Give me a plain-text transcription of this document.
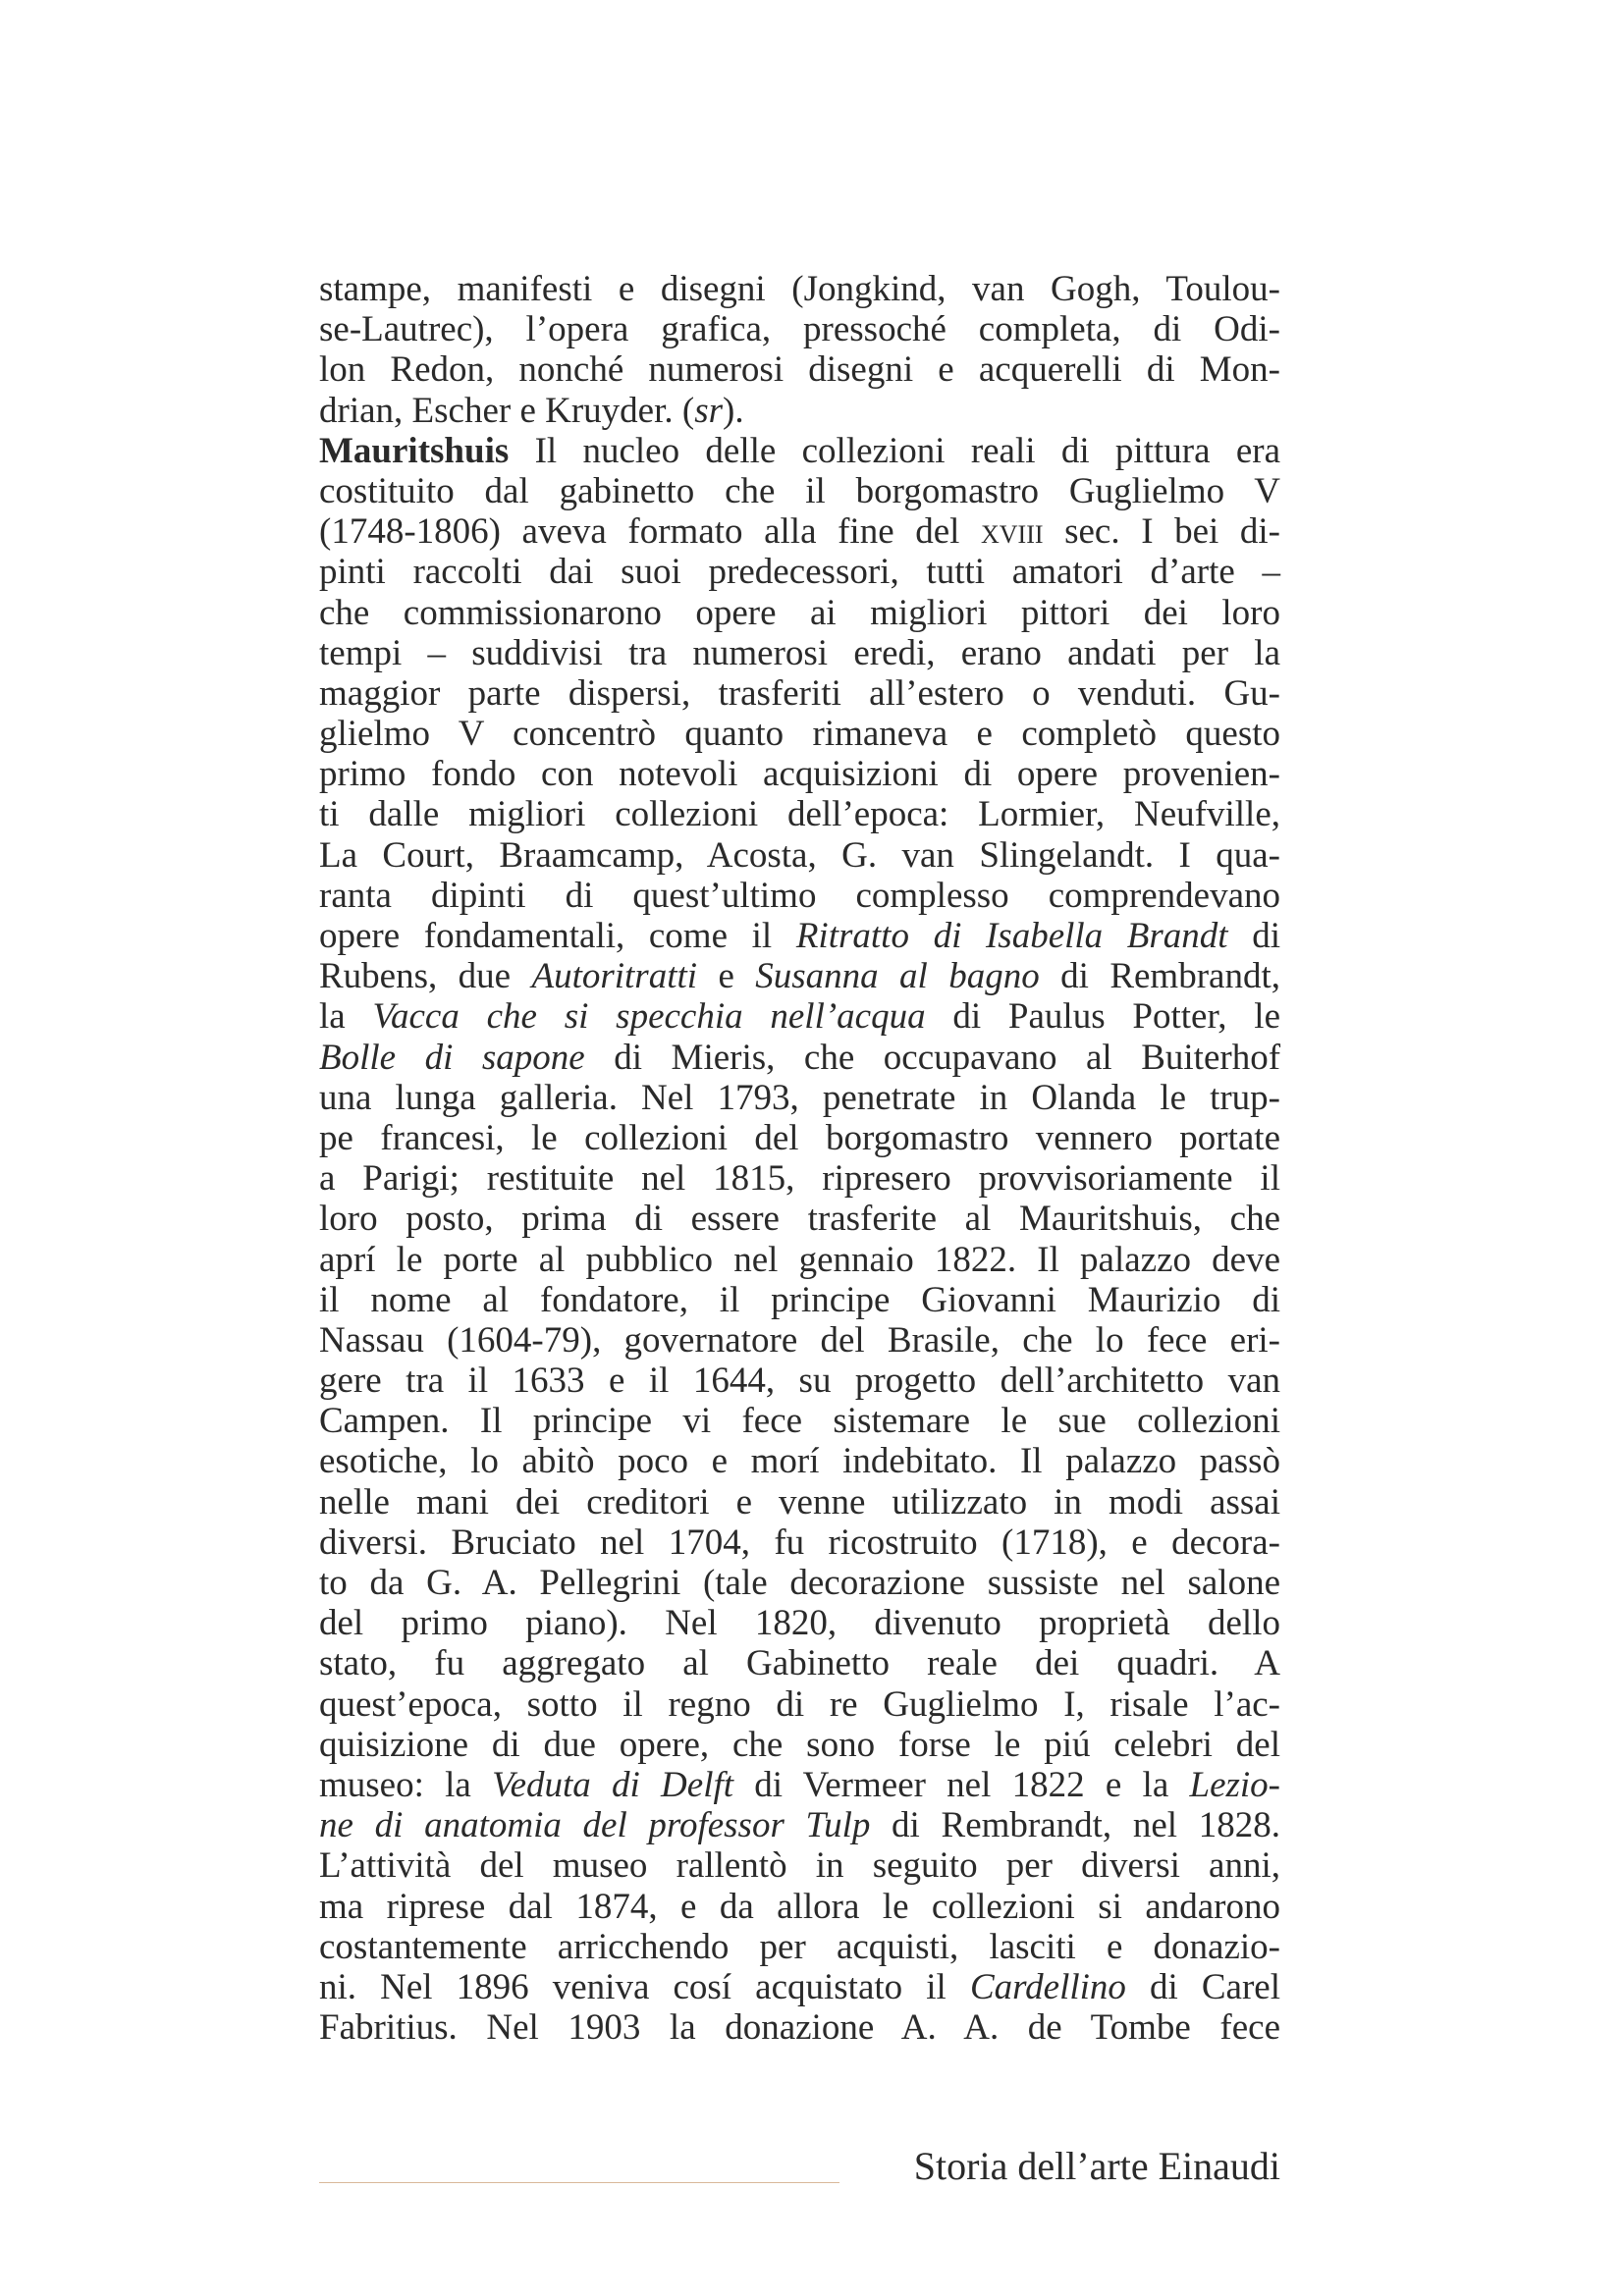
stampe, manifesti e disegni (Jongkind, van Gogh, Toulou-
se-Lautrec), l’opera grafica, pressoché completa, di Odi-
lon Redon, nonché numerosi disegni e acquerelli di Mon-
drian, Escher e Kruyder. (sr).
Mauritshuis Il nucleo delle collezioni reali di pittura era
costituito dal gabinetto che il borgomastro Guglielmo V
(1748-1806) aveva formato alla fine del xviii sec. I bei di-
pinti raccolti dai suoi predecessori, tutti amatori d’arte –
che commissionarono opere ai migliori pittori dei loro
tempi – suddivisi tra numerosi eredi, erano andati per la
maggior parte dispersi, trasferiti all’estero o venduti. Gu-
glielmo V concentrò quanto rimaneva e completò questo
primo fondo con notevoli acquisizioni di opere provenien-
ti dalle migliori collezioni dell’epoca: Lormier, Neufville,
La Court, Braamcamp, Acosta, G. van Slingelandt. I qua-
ranta dipinti di quest’ultimo complesso comprendevano
opere fondamentali, come il Ritratto di Isabella Brandt di
Rubens, due Autoritratti e Susanna al bagno di Rembrandt,
la Vacca che si specchia nell’acqua di Paulus Potter, le
Bolle di sapone di Mieris, che occupavano al Buiterhof
una lunga galleria. Nel 1793, penetrate in Olanda le trup-
pe francesi, le collezioni del borgomastro vennero portate
a Parigi; restituite nel 1815, ripresero provvisoriamente il
loro posto, prima di essere trasferite al Mauritshuis, che
aprí le porte al pubblico nel gennaio 1822. Il palazzo deve
il nome al fondatore, il principe Giovanni Maurizio di
Nassau (1604-79), governatore del Brasile, che lo fece eri-
gere tra il 1633 e il 1644, su progetto dell’architetto van
Campen. Il principe vi fece sistemare le sue collezioni
esotiche, lo abitò poco e morí indebitato. Il palazzo passò
nelle mani dei creditori e venne utilizzato in modi assai
diversi. Bruciato nel 1704, fu ricostruito (1718), e decora-
to da G. A. Pellegrini (tale decorazione sussiste nel salone
del primo piano). Nel 1820, divenuto proprietà dello
stato, fu aggregato al Gabinetto reale dei quadri. A
quest’epoca, sotto il regno di re Guglielmo I, risale l’ac-
quisizione di due opere, che sono forse le piú celebri del
museo: la Veduta di Delft di Vermeer nel 1822 e la Lezio-
ne di anatomia del professor Tulp di Rembrandt, nel 1828.
L’attività del museo rallentò in seguito per diversi anni,
ma riprese dal 1874, e da allora le collezioni si andarono
costantemente arricchendo per acquisti, lasciti e donazio-
ni. Nel 1896 veniva cosí acquistato il Cardellino di Carel
Fabritius. Nel 1903 la donazione A. A. de Tombe fece
Storia dell’arte Einaudi
